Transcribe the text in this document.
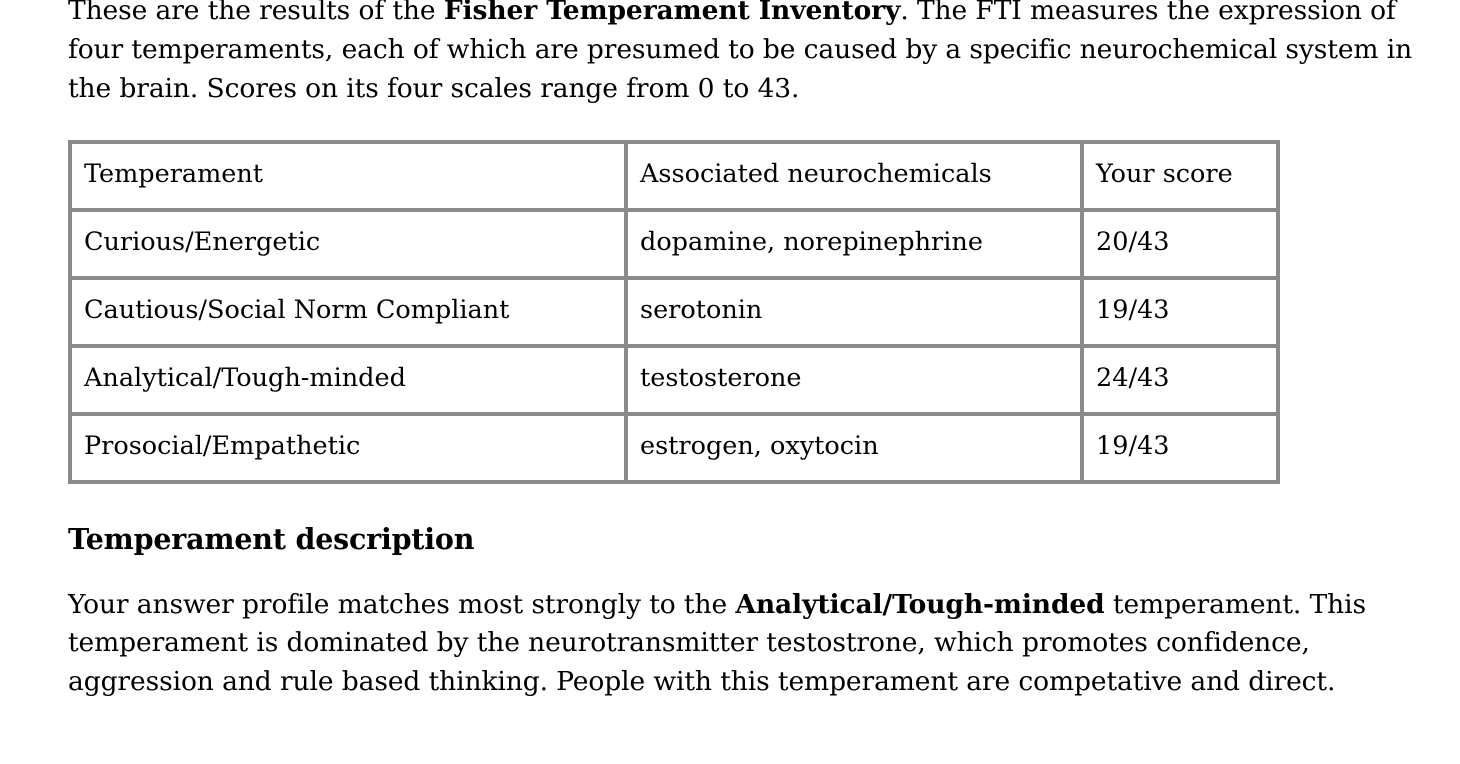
These are the results of the Fisher Temperament Inventory. The FTI measures the expression of four temperaments, each of which are presumed to be caused by a specific neurochemical system in the brain. Scores on its four scales range from 0 to 43.

Temperament	Associated neurochemicals	Your score
Curious/Energetic	dopamine, norepinephrine	20/43
Cautious/Social Norm Compliant	serotonin	19/43
Analytical/Tough-minded	testosterone	24/43
Prosocial/Empathetic	estrogen, oxytocin	19/43
Temperament description

Your answer profile matches most strongly to the Analytical/Tough-minded temperament. This temperament is dominated by the neurotransmitter testostrone, which promotes confidence, aggression and rule based thinking. People with this temperament are competative and direct.
